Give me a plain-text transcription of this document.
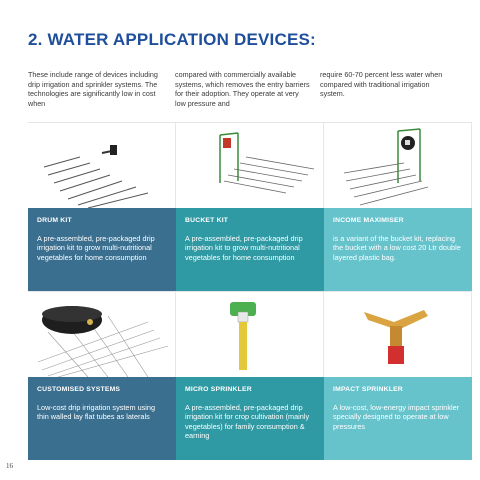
2. WATER APPLICATION DEVICES:

These include range of devices including drip irrigation and sprinkler systems. The technologies are significantly low in cost when

compared with commercially available systems, which removes the entry barriers for their adoption. They operate at very low pressure and

require 60-70 percent less water when compared with traditional irrigation system.

DRUM KIT

A pre-assembled, pre-packaged drip irrigation kit to grow multi-nutritional vegetables for home consumption

BUCKET KIT

A pre-assembled, pre-packaged drip irrigation kit to grow multi-nutritional vegetables for home consumption

INCOME MAXIMISER

is a variant of the bucket kit, replacing the bucket with a low cost 20 Ltr double layered plastic bag.

CUSTOMISED SYSTEMS

Low-cost drip irrigation system using thin walled lay flat tubes as laterals

MICRO SPRINKLER

A pre-assembled, pre-packaged drip irrigation kit for crop cultivation (mainly vegetables) for family consumption & earning

IMPACT SPRINKLER

A low-cost, low-energy impact sprinkler specially designed to operate at low pressures

16
